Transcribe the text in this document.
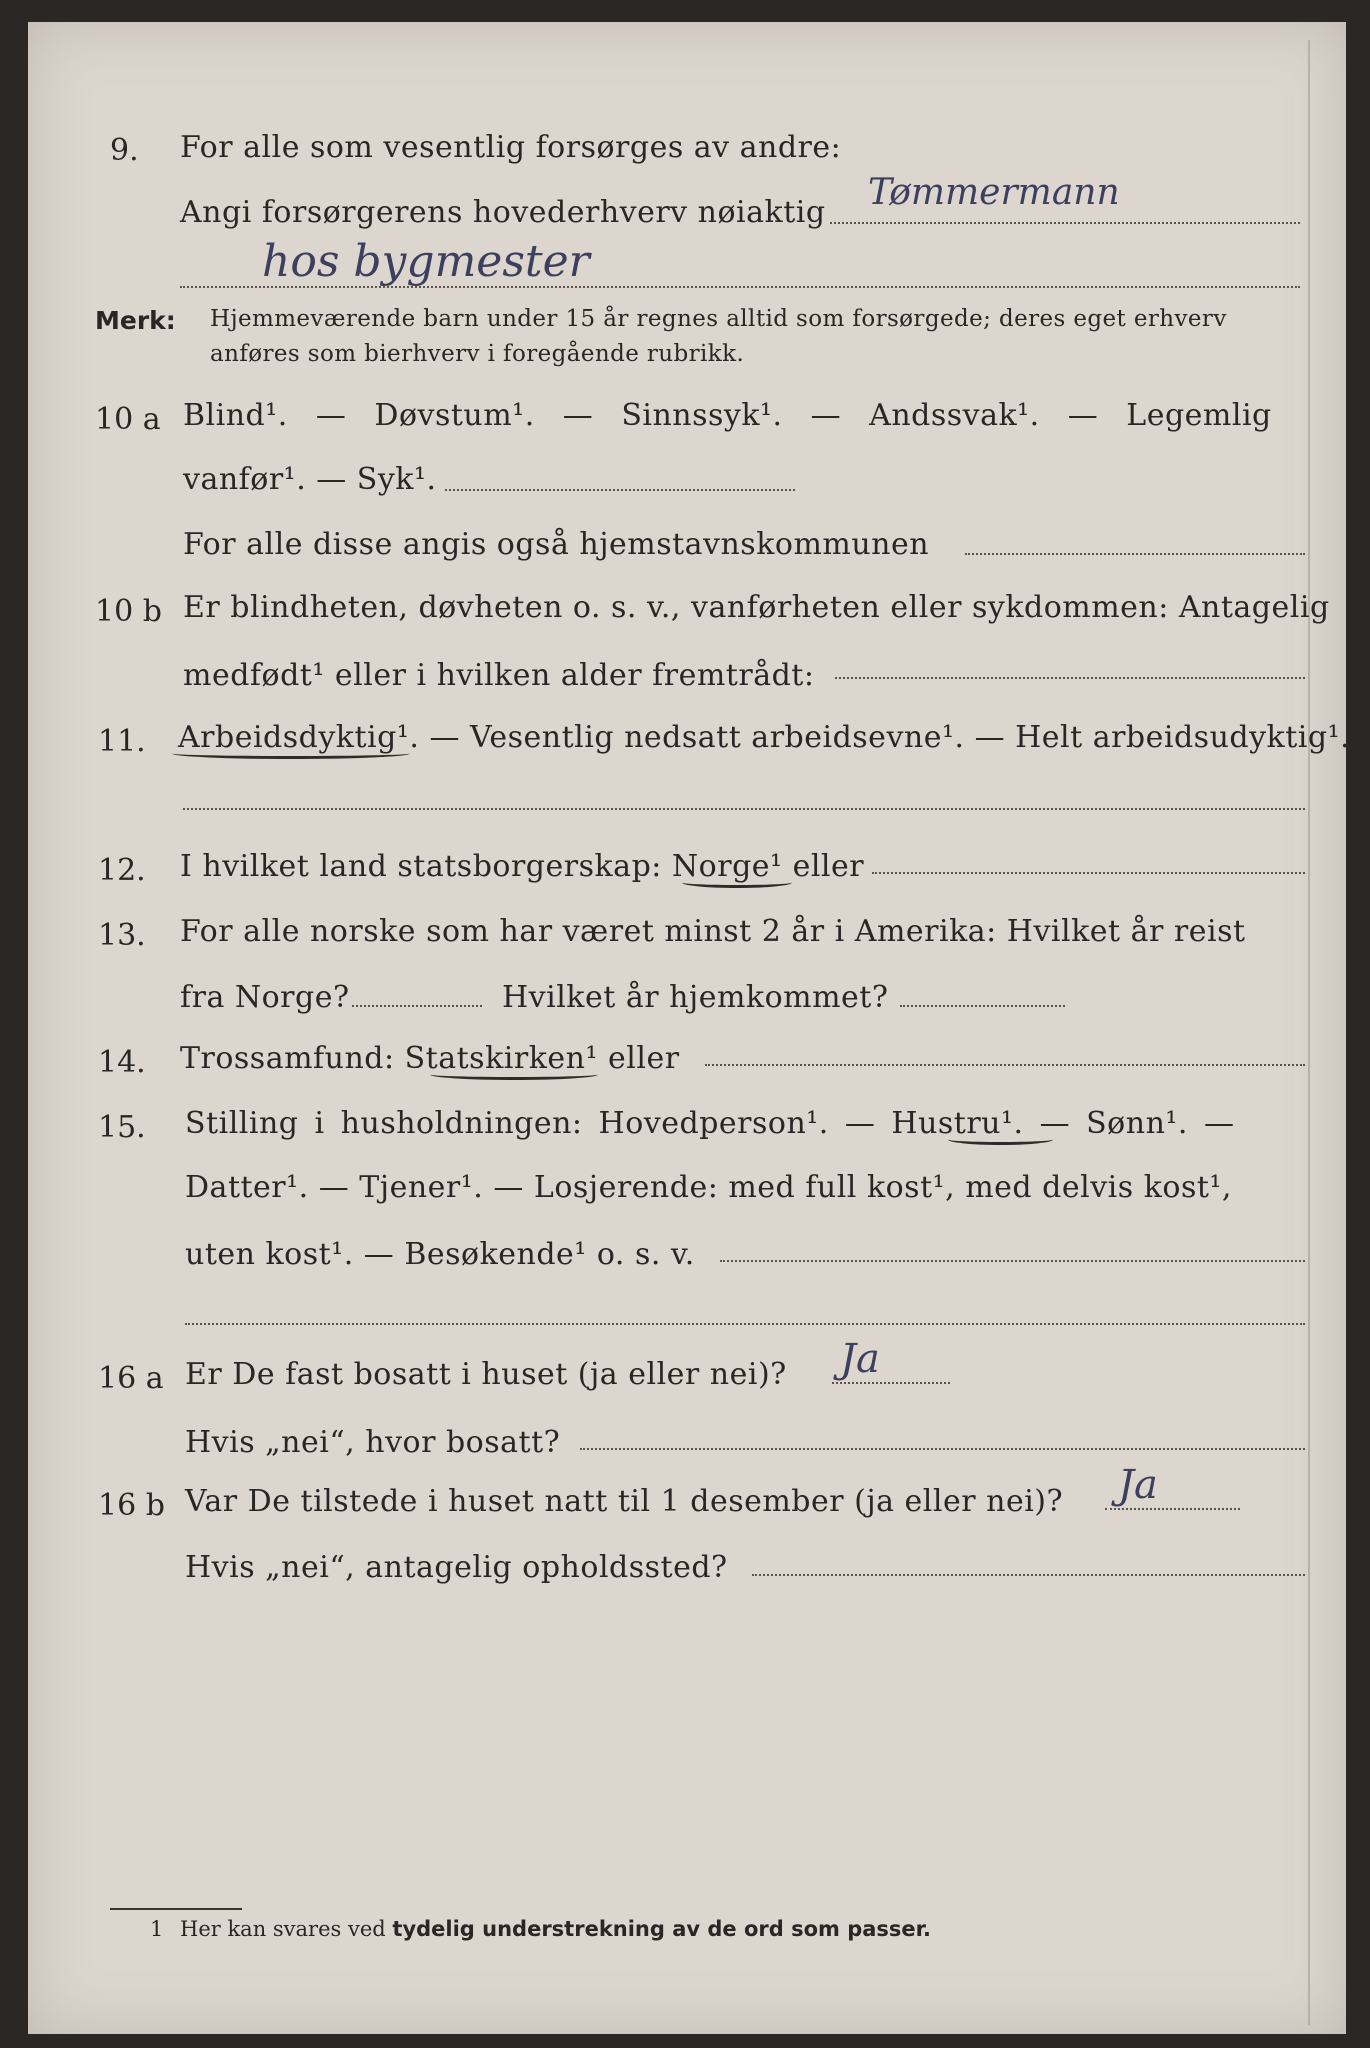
9. For alle som vesentlig forsørges av andre:
Angi forsørgerens hovederhverv nøiaktig Tømmermann
hos bygmester
Merk: Hjemmeværende barn under 15 år regnes alltid som forsørgede; deres eget erhverv
anføres som bierhverv i foregående rubrikk.
10 a Blind¹. — Døvstum¹. — Sinnssyk¹. — Andssvak¹. — Legemlig
vanfør¹. — Syk¹.
For alle disse angis også hjemstavnskommunen
10 b Er blindheten, døvheten o. s. v., vanførheten eller sykdommen: Antagelig
medfødt¹ eller i hvilken alder fremtrådt:
11. Arbeidsdyktig¹. — Vesentlig nedsatt arbeidsevne¹. — Helt arbeidsudyktig¹.
12. I hvilket land statsborgerskap: Norge¹ eller
13. For alle norske som har været minst 2 år i Amerika: Hvilket år reist
fra Norge?	Hvilket år hjemkommet?
14. Trossamfund: Statskirken¹ eller
15. Stilling i husholdningen: Hovedperson¹. — Hustru¹. — Sønn¹. —
Datter¹. — Tjener¹. — Losjerende: med full kost¹, med delvis kost¹,
uten kost¹. — Besøkende¹ o. s. v.
16 a Er De fast bosatt i huset (ja eller nei)? Ja
Hvis „nei“, hvor bosatt?
16 b Var De tilstede i huset natt til 1 desember (ja eller nei)? Ja
Hvis „nei“, antagelig opholdssted?
1 Her kan svares ved tydelig understrekning av de ord som passer.
